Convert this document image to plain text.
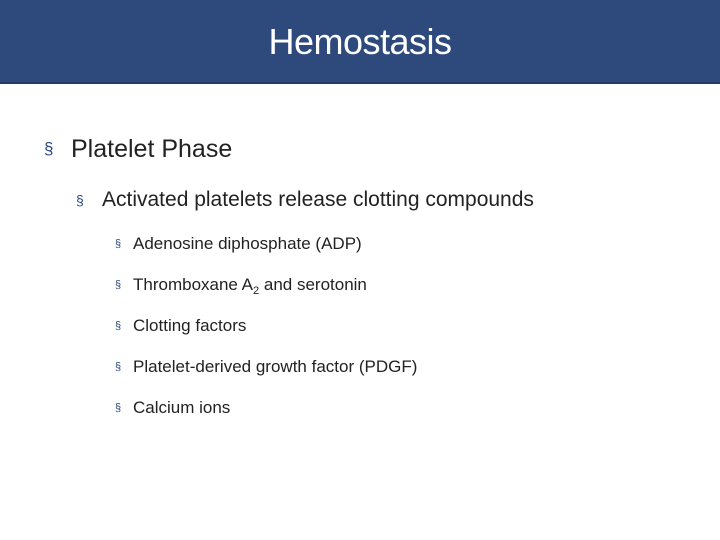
Hemostasis
§ Platelet Phase
§ Activated platelets release clotting compounds
§ Adenosine diphosphate (ADP)
§ Thromboxane $A_2$ and serotonin
§ Clotting factors
§ Platelet-derived growth factor (PDGF)
§ Calcium ions
